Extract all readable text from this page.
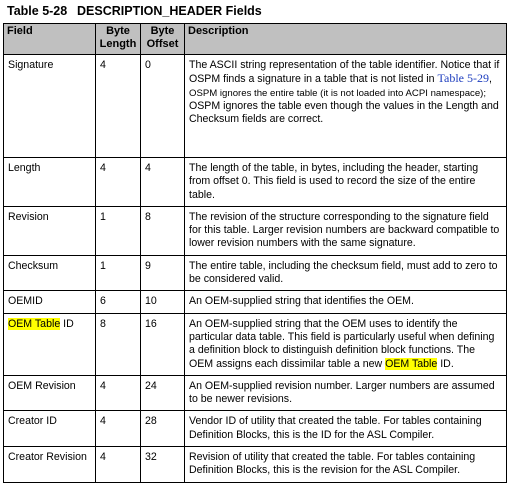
Table 5-28 DESCRIPTION_HEADER Fields
Field	Byte Length	Byte Offset	Description
Signature	4	0	The ASCII string representation of the table identifier. Notice that if OSPM finds a signature in a table that is not listed in Table 5-29, OSPM ignores the entire table (it is not loaded into ACPI namespace); OSPM ignores the table even though the values in the Length and Checksum fields are correct.
Length	4	4	The length of the table, in bytes, including the header, starting from offset 0. This field is used to record the size of the entire table.
Revision	1	8	The revision of the structure corresponding to the signature field for this table. Larger revision numbers are backward compatible to lower revision numbers with the same signature.
Checksum	1	9	The entire table, including the checksum field, must add to zero to be considered valid.
OEMID	6	10	An OEM-supplied string that identifies the OEM.
OEM Table ID	8	16	An OEM-supplied string that the OEM uses to identify the particular data table. This field is particularly useful when defining a definition block to distinguish definition block functions. The OEM assigns each dissimilar table a new OEM Table ID.
OEM Revision	4	24	An OEM-supplied revision number. Larger numbers are assumed to be newer revisions.
Creator ID	4	28	Vendor ID of utility that created the table. For tables containing Definition Blocks, this is the ID for the ASL Compiler.
Creator Revision	4	32	Revision of utility that created the table. For tables containing Definition Blocks, this is the revision for the ASL Compiler.
